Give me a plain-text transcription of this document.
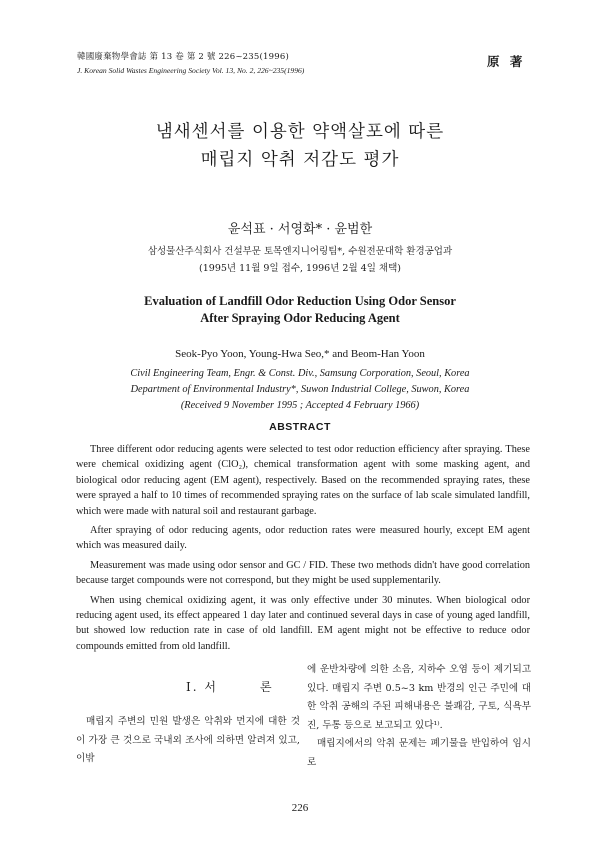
韓國廢棄物學會誌 第 13 卷 第 2 號 226~235(1996)
J. Korean Solid Wastes Engineering Society Vol. 13, No. 2, 226~235(1996)
原 著
냄새센서를 이용한 약액살포에 따른
매립지 악취 저감도 평가
윤석표 · 서영화* · 윤범한
삼성물산주식회사 건설부문 토목엔지니어링팀*, 수원전문대학 환경공업과
(1995년 11월 9일 접수, 1996년 2월 4일 채택)
Evaluation of Landfill Odor Reduction Using Odor Sensor
After Spraying Odor Reducing Agent
Seok-Pyo Yoon, Young-Hwa Seo,* and Beom-Han Yoon
Civil Engineering Team, Engr. & Const. Div., Samsung Corporation, Seoul, Korea
Department of Environmental Industry*, Suwon Industrial College, Suwon, Korea
(Received 9 November 1995 ; Accepted 4 February 1966)
ABSTRACT

Three different odor reducing agents were selected to test odor reduction efficiency after spraying. These were chemical oxidizing agent (ClO₂), chemical transformation agent with some masking agent, and biological odor reducing agent (EM agent), respectively. Based on the recommended spraying rates, these were sprayed a half to 10 times of recommended spraying rates on the surface of lab scale simulated landfill, which were made with natural soil and restaurant garbage.

After spraying of odor reducing agents, odor reduction rates were measured hourly, except EM agent which was measured daily.

Measurement was made using odor sensor and GC / FID. These two methods didn't have good correlation because target compounds were not correspond, but they might be used supplementarily.

When using chemical oxidizing agent, it was only effective under 30 minutes. When biological odor reducing agent used, its effect appeared 1 day later and continued several days in case of young aged landfill, but showed low reduction rate in case of old landfill. EM agent might not be effective to reduce odor compounds emitted from old landfill.

I. 서	론

매립지 주변의 민원 발생은 악취와 먼지에 대한 것이 가장 큰 것으로 국내외 조사에 의하면 알려져 있고, 이밖

에 운반차량에 의한 소음, 지하수 오염 등이 제기되고 있다. 매립지 주변 0.5~3 km 반경의 인근 주민에 대한 악취 공해의 주된 피해내용은 불쾌감, 구토, 식욕부진, 두통 등으로 보고되고 있다¹⁾.

매립지에서의 악취 문제는 폐기물을 반입하여 임시로

226
